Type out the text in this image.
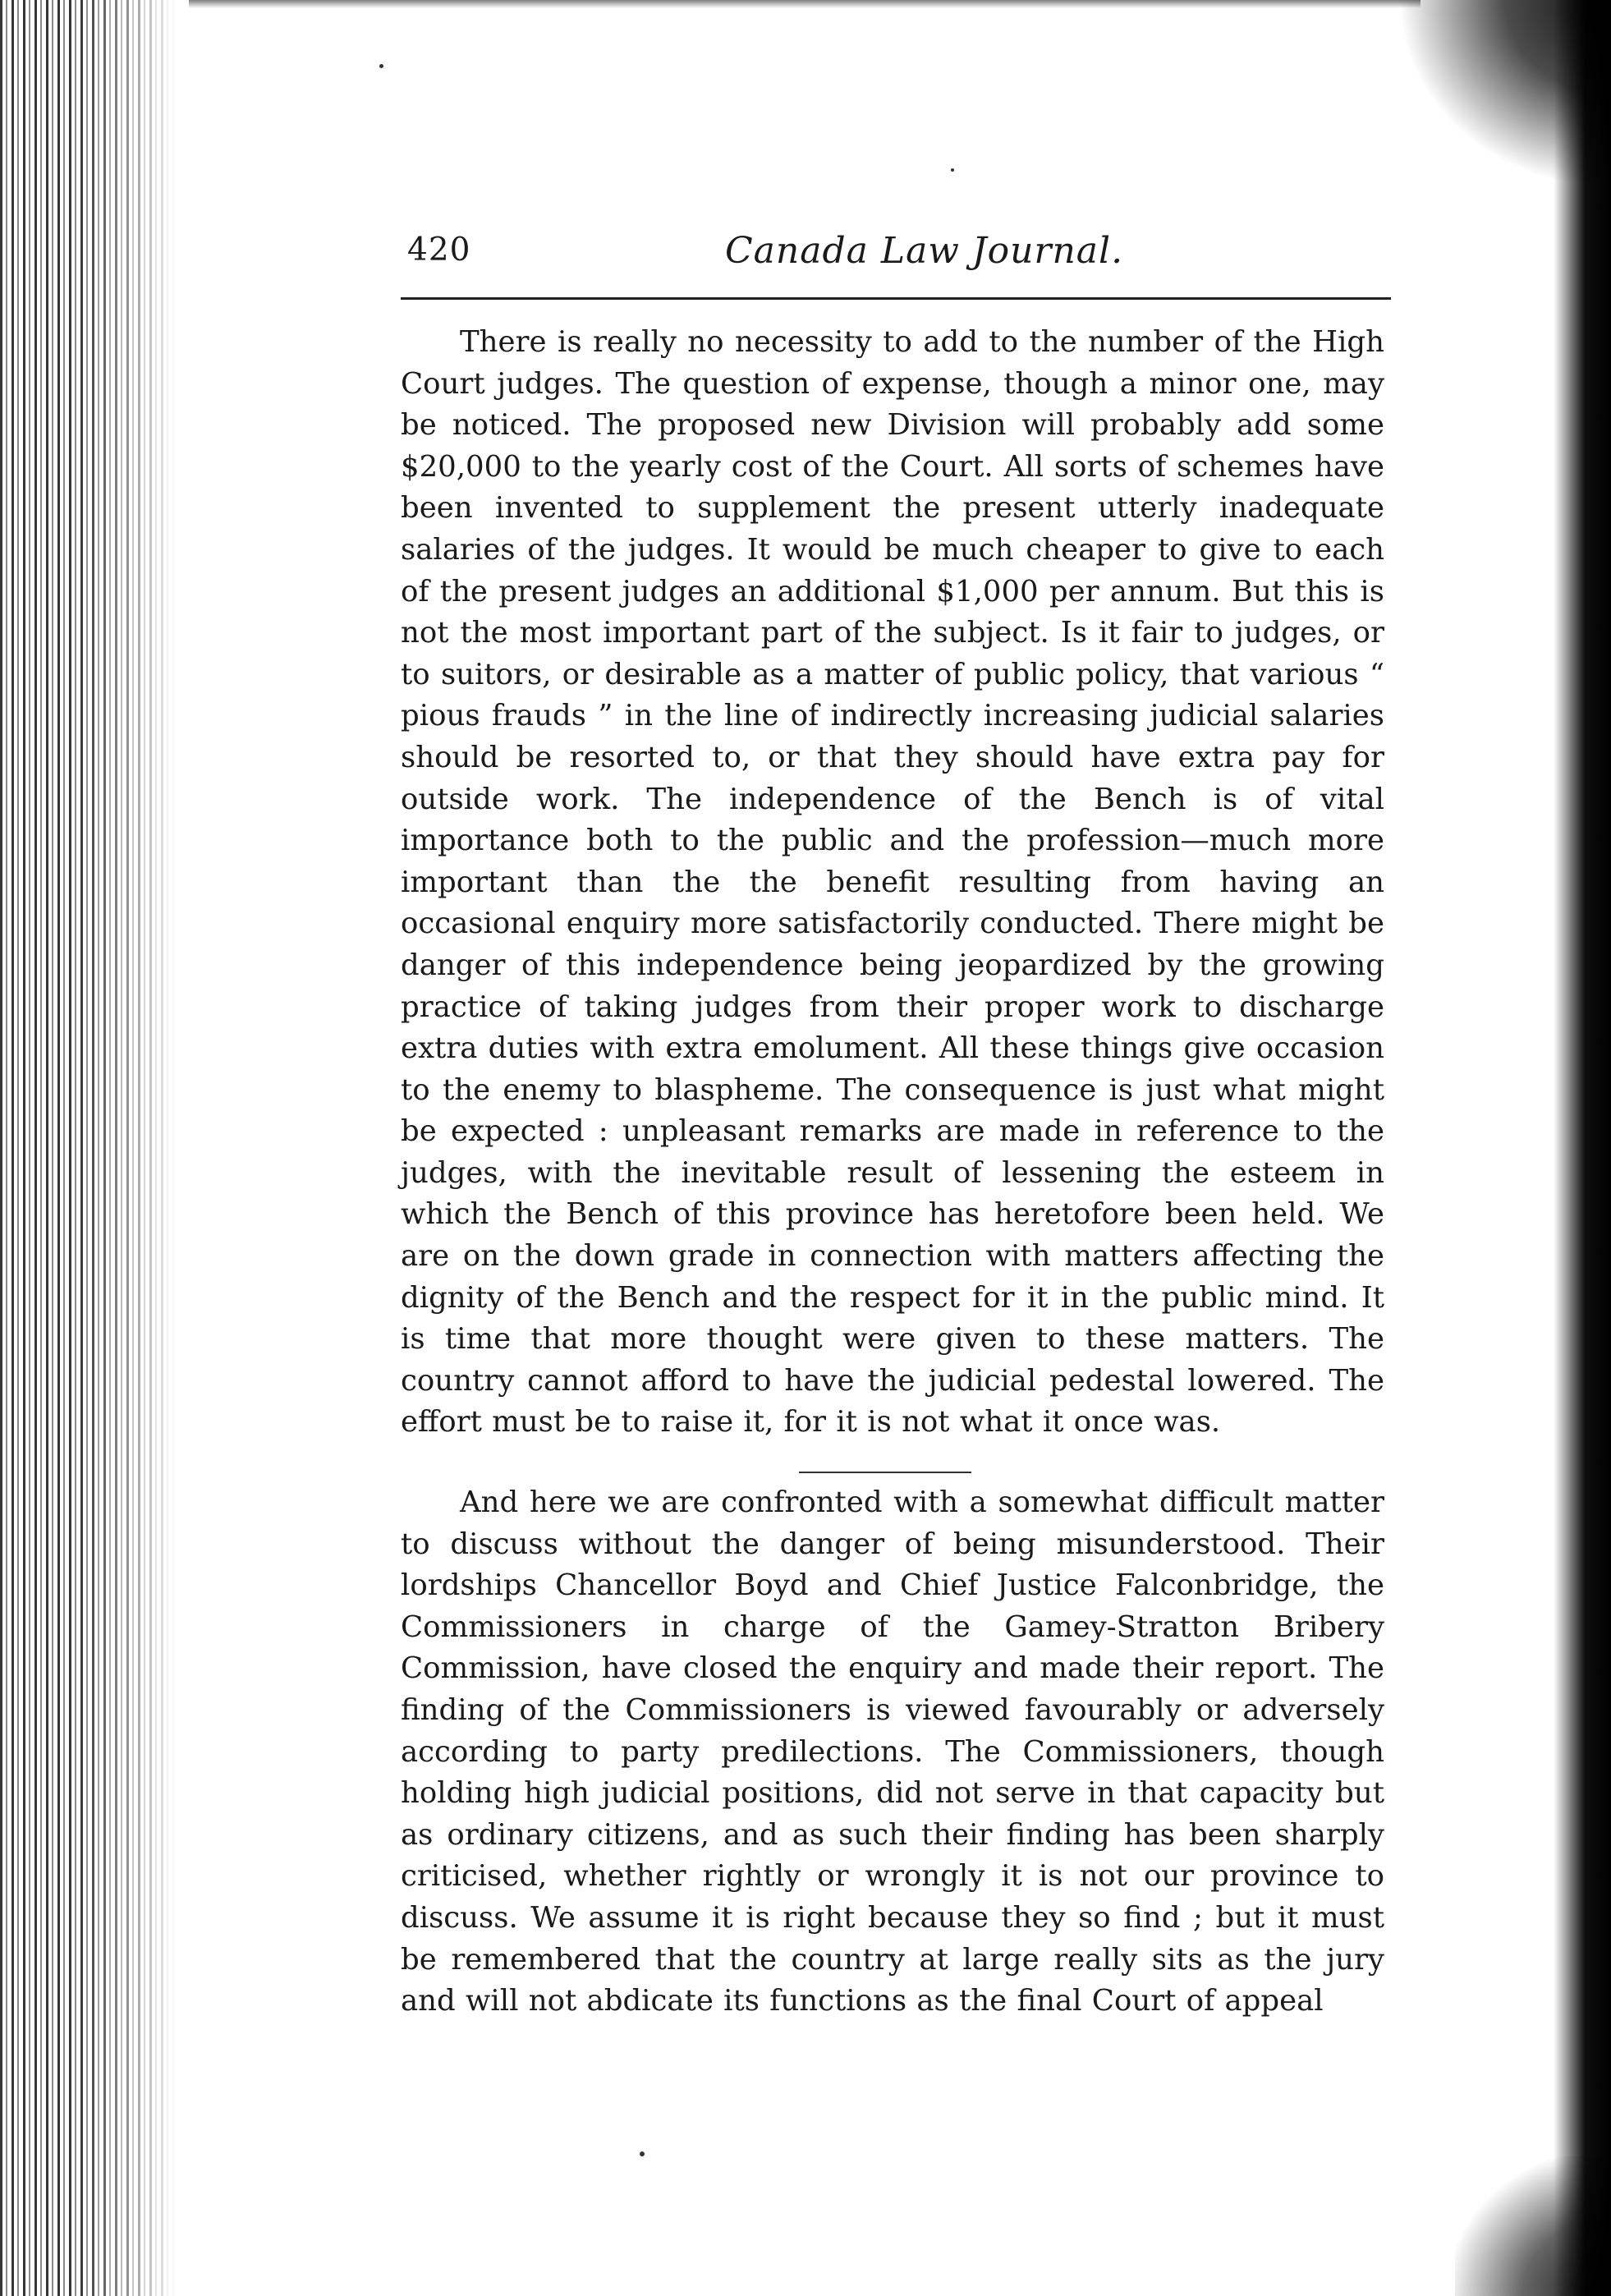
420	Canada Law Journal.

There is really no necessity to add to the number of the High Court judges. The question of expense, though a minor one, may be noticed. The proposed new Division will probably add some $20,000 to the yearly cost of the Court. All sorts of schemes have been invented to supplement the present utterly inadequate salaries of the judges. It would be much cheaper to give to each of the present judges an additional $1,000 per annum. But this is not the most important part of the subject. Is it fair to judges, or to suitors, or desirable as a matter of public policy, that various “ pious frauds ” in the line of indirectly increasing judicial salaries should be resorted to, or that they should have extra pay for outside work. The independence of the Bench is of vital importance both to the public and the profession—much more important than the the benefit resulting from having an occasional enquiry more satisfactorily conducted. There might be danger of this independence being jeopardized by the growing practice of taking judges from their proper work to discharge extra duties with extra emolument. All these things give occasion to the enemy to blaspheme. The consequence is just what might be expected : unpleasant remarks are made in reference to the judges, with the inevitable result of lessening the esteem in which the Bench of this province has heretofore been held. We are on the down grade in connection with matters affecting the dignity of the Bench and the respect for it in the public mind. It is time that more thought were given to these matters. The country cannot afford to have the judicial pedestal lowered. The effort must be to raise it, for it is not what it once was.

And here we are confronted with a somewhat difficult matter to discuss without the danger of being misunderstood. Their lordships Chancellor Boyd and Chief Justice Falconbridge, the Commissioners in charge of the Gamey-Stratton Bribery Commission, have closed the enquiry and made their report. The finding of the Commissioners is viewed favourably or adversely according to party predilections. The Commissioners, though holding high judicial positions, did not serve in that capacity but as ordinary citizens, and as such their finding has been sharply criticised, whether rightly or wrongly it is not our province to discuss. We assume it is right because they so find ; but it must be remembered that the country at large really sits as the jury and will not abdicate its functions as the final Court of appeal
